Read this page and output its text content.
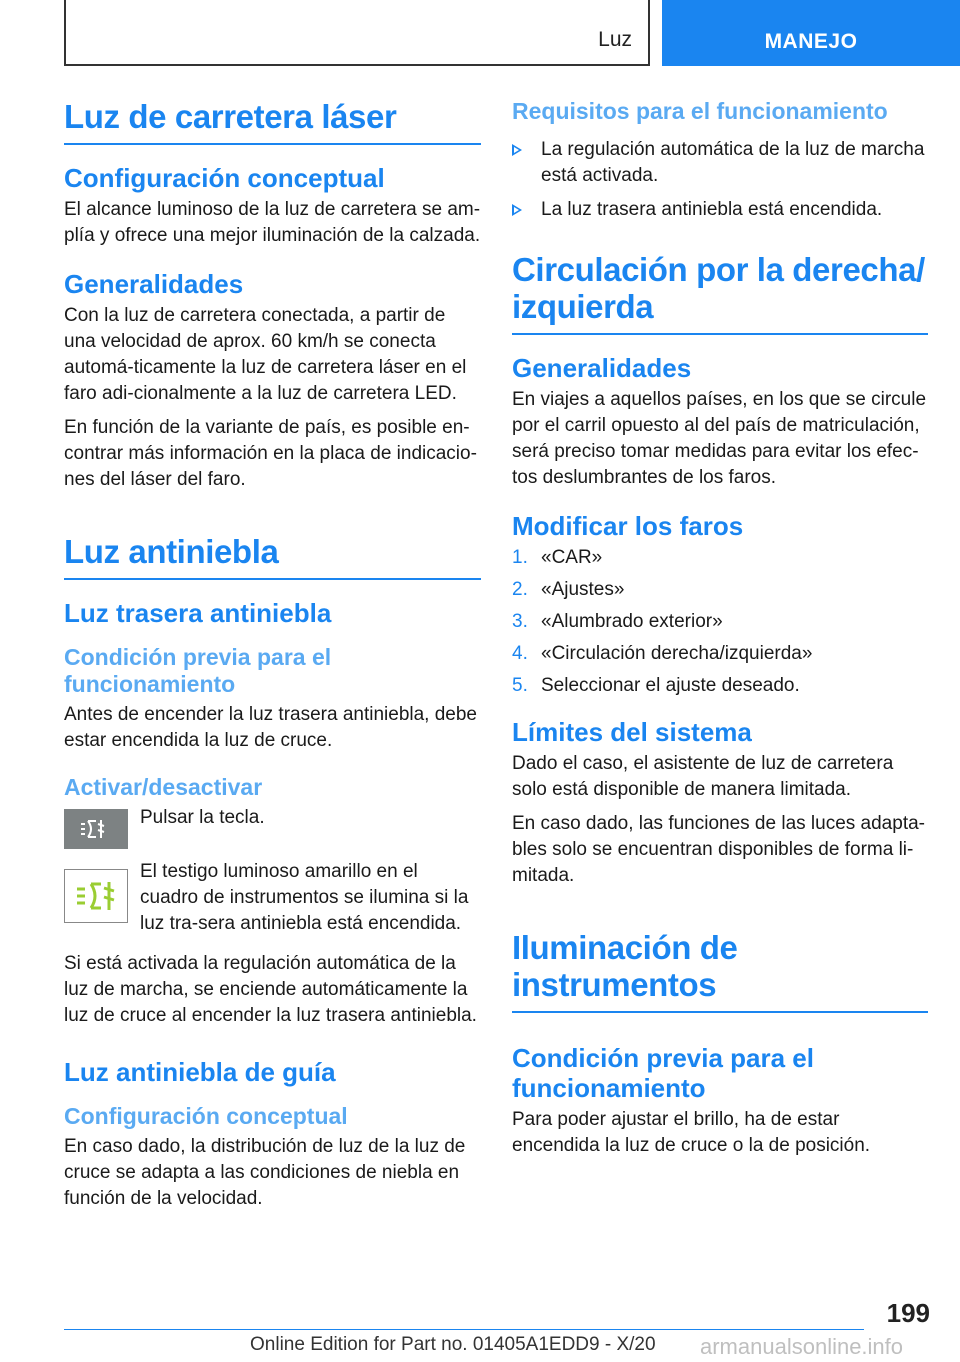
Luz	MANEJO
Luz de carretera láser
Configuración conceptual
El alcance luminoso de la luz de carretera se am-plía y ofrece una mejor iluminación de la calzada.
Generalidades
Con la luz de carretera conectada, a partir de una velocidad de aprox. 60 km/h se conecta automá-ticamente la luz de carretera láser en el faro adi-cionalmente a la luz de carretera LED.
En función de la variante de país, es posible en-contrar más información en la placa de indicacio-nes del láser del faro.
Luz antiniebla
Luz trasera antiniebla
Condición previa para el funcionamiento
Antes de encender la luz trasera antiniebla, debe estar encendida la luz de cruce.
Activar/desactivar
Pulsar la tecla.
El testigo luminoso amarillo en el cuadro de instrumentos se ilumina si la luz tra-sera antiniebla está encendida.
Si está activada la regulación automática de la luz de marcha, se enciende automáticamente la luz de cruce al encender la luz trasera antiniebla.
Luz antiniebla de guía
Configuración conceptual
En caso dado, la distribución de luz de la luz de cruce se adapta a las condiciones de niebla en función de la velocidad.
Requisitos para el funcionamiento
La regulación automática de la luz de marcha está activada.
La luz trasera antiniebla está encendida.
Circulación por la derecha/ izquierda
Generalidades
En viajes a aquellos países, en los que se circule por el carril opuesto al del país de matriculación, será preciso tomar medidas para evitar los efec-tos deslumbrantes de los faros.
Modificar los faros
1. «CAR»
2. «Ajustes»
3. «Alumbrado exterior»
4. «Circulación derecha/izquierda»
5. Seleccionar el ajuste deseado.
Límites del sistema
Dado el caso, el asistente de luz de carretera solo está disponible de manera limitada.
En caso dado, las funciones de las luces adapta-bles solo se encuentran disponibles de forma li-mitada.
Iluminación de instrumentos
Condición previa para el funcionamiento
Para poder ajustar el brillo, ha de estar encendida la luz de cruce o la de posición.
199
Online Edition for Part no. 01405A1EDD9 - X/20 armanualsonline.info
